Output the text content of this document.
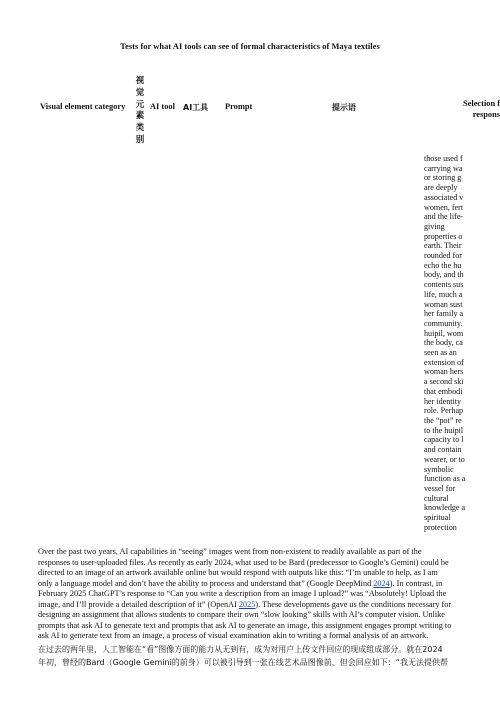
Tests for what AI tools can see of formal characteristics of Maya textiles
Visual element category
视
觉
元
素
类
别
AI tool AI工具 Prompt	提示语	Selection f
respons
those used f
carrying wa
or storing g
are deeply
associated v
women, fert
and the life-
giving
properties o
earth. Their
rounded for
echo the hu
body, and th
contents sus
life, much a
woman sust
her family a
community.
huipil, wom
the body, ca
seen as an
extension of
woman hers
a second ski
that embodi
her identity
role. Perhap
the “pot” re
to the huipil
capacity to l
and contain
wearer, or to
symbolic
function as a
vessel for
cultural
knowledge a
spiritual
protection
Over the past two years, AI capabilities in “seeing” images went from non-existent to readily available as part of the
responses to user-uploaded files. As recently as early 2024, what used to be Bard (predecessor to Google’s Gemini) could be
directed to an image of an artwork available online but would respond with outputs like this: “I’m unable to help, as I am
only a language model and don’t have the ability to process and understand that” (Google DeepMind 2024). In contrast, in
February 2025 ChatGPT’s response to “Can you write a description from an image I upload?” was “Absolutely! Upload the
image, and I’ll provide a detailed description of it” (OpenAI 2025). These developments gave us the conditions necessary for
designing an assignment that allows students to compare their own “slow looking” skills with AI’s computer vision. Unlike
prompts that ask AI to generate text and prompts that ask AI to generate an image, this assignment engages prompt writing to
ask AI to generate text from an image, a process of visual examination akin to writing a formal analysis of an artwork.
在过去的两年里，人工智能在“看”图像方面的能力从无到有，成为对用户上传文件回应的现成组成部分。就在2024
年初，曾经的Bard（Google Gemini的前身）可以被引导到一张在线艺术品图像前，但会回应如下：“我无法提供帮
